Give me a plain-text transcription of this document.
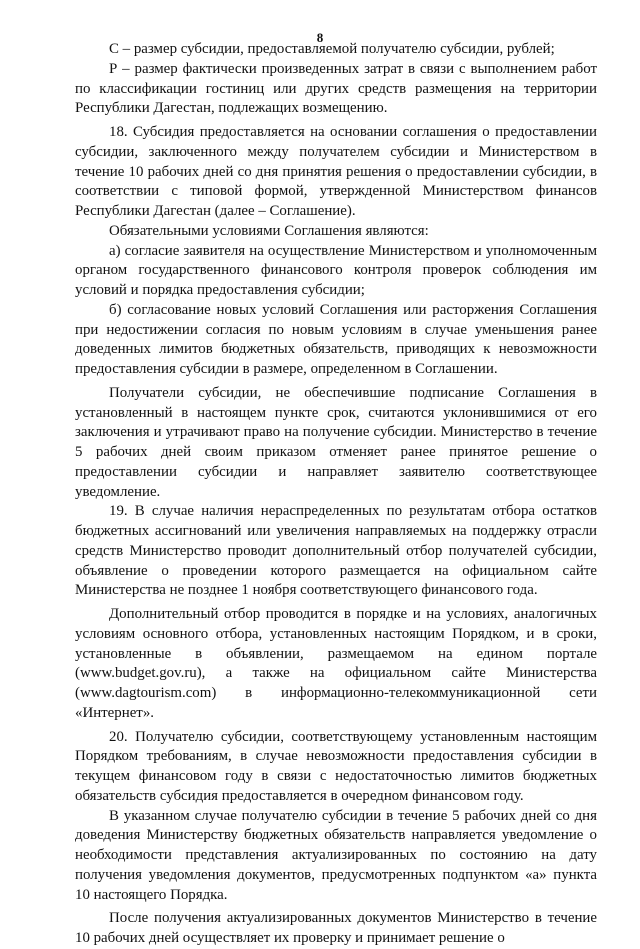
8

С – размер субсидии, предоставляемой получателю субсидии, рублей;

Р – размер фактически произведенных затрат в связи с выполнением работ по классификации гостиниц или других средств размещения на территории Республики Дагестан, подлежащих возмещению.

18. Субсидия предоставляется на основании соглашения о предоставлении субсидии, заключенного между получателем субсидии и Министерством в течение 10 рабочих дней со дня принятия решения о предоставлении субсидии, в соответствии с типовой формой, утвержденной Министерством финансов Республики Дагестан (далее – Соглашение).

Обязательными условиями Соглашения являются:

а) согласие заявителя на осуществление Министерством и уполномоченным органом государственного финансового контроля проверок соблюдения им условий и порядка предоставления субсидии;

б) согласование новых условий Соглашения или расторжения Соглашения при недостижении согласия по новым условиям в случае уменьшения ранее доведенных лимитов бюджетных обязательств, приводящих к невозможности предоставления субсидии в размере, определенном в Соглашении.

Получатели субсидии, не обеспечившие подписание Соглашения в установленный в настоящем пункте срок, считаются уклонившимися от его заключения и утрачивают право на получение субсидии. Министерство в течение 5 рабочих дней своим приказом отменяет ранее принятое решение о предоставлении субсидии и направляет заявителю соответствующее уведомление.

19. В случае наличия нераспределенных по результатам отбора остатков бюджетных ассигнований или увеличения направляемых на поддержку отрасли средств Министерство проводит дополнительный отбор получателей субсидии, объявление о проведении которого размещается на официальном сайте Министерства не позднее 1 ноября соответствующего финансового года.

Дополнительный отбор проводится в порядке и на условиях, аналогичных условиям основного отбора, установленных настоящим Порядком, и в сроки, установленные в объявлении, размещаемом на едином портале (www.budget.gov.ru), а также на официальном сайте Министерства (www.dagtourism.com) в информационно-телекоммуникационной сети «Интернет».

20. Получателю субсидии, соответствующему установленным настоящим Порядком требованиям, в случае невозможности предоставления субсидии в текущем финансовом году в связи с недостаточностью лимитов бюджетных обязательств субсидия предоставляется в очередном финансовом году.

В указанном случае получателю субсидии в течение 5 рабочих дней со дня доведения Министерству бюджетных обязательств направляется уведомление о необходимости представления актуализированных по состоянию на дату получения уведомления документов, предусмотренных подпунктом «а» пункта 10 настоящего Порядка.

После получения актуализированных документов Министерство в течение 10 рабочих дней осуществляет их проверку и принимает решение о
